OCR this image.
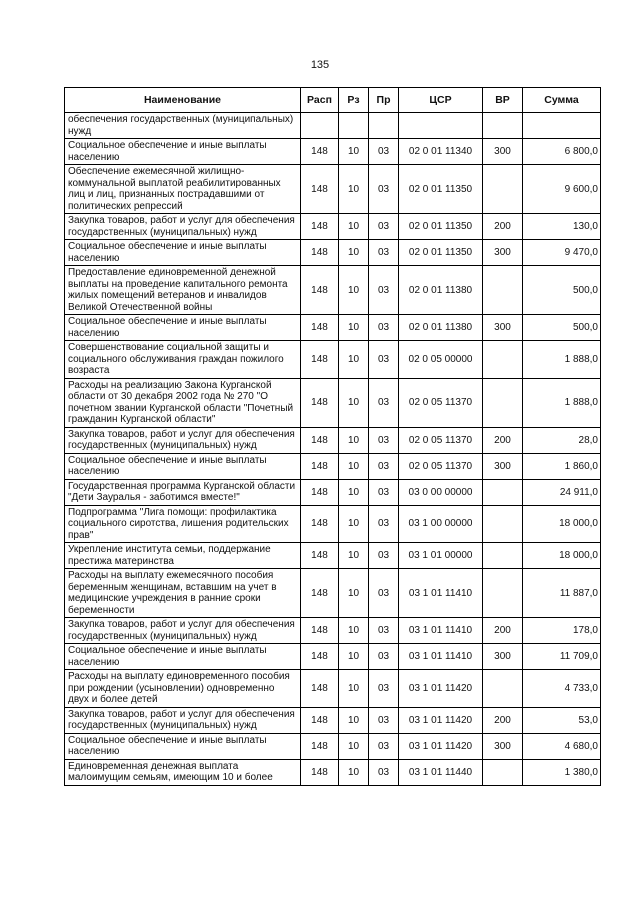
135
Наименование	Расп	Рз	Пр	ЦСР	ВР	Сумма
обеспечения государственных (муниципальных) нужд						
Социальное обеспечение и иные выплаты населению	148	10	03	02 0 01 11340	300	6 800,0
Обеспечение ежемесячной жилищно-коммунальной выплатой реабилитированных лиц и лиц, признанных пострадавшими от политических репрессий	148	10	03	02 0 01 11350		9 600,0
Закупка товаров, работ и услуг для обеспечения государственных (муниципальных) нужд	148	10	03	02 0 01 11350	200	130,0
Социальное обеспечение и иные выплаты населению	148	10	03	02 0 01 11350	300	9 470,0
Предоставление единовременной денежной выплаты на проведение капитального ремонта жилых помещений ветеранов и инвалидов Великой Отечественной войны	148	10	03	02 0 01 11380		500,0
Социальное обеспечение и иные выплаты населению	148	10	03	02 0 01 11380	300	500,0
Совершенствование социальной защиты и социального обслуживания граждан пожилого возраста	148	10	03	02 0 05 00000		1 888,0
Расходы на реализацию Закона Курганской области от 30 декабря 2002 года № 270 "О почетном звании Курганской области "Почетный гражданин Курганской области"	148	10	03	02 0 05 11370		1 888,0
Закупка товаров, работ и услуг для обеспечения государственных (муниципальных) нужд	148	10	03	02 0 05 11370	200	28,0
Социальное обеспечение и иные выплаты населению	148	10	03	02 0 05 11370	300	1 860,0
Государственная программа Курганской области "Дети Зауралья - заботимся вместе!"	148	10	03	03 0 00 00000		24 911,0
Подпрограмма "Лига помощи: профилактика социального сиротства, лишения родительских прав"	148	10	03	03 1 00 00000		18 000,0
Укрепление института семьи, поддержание престижа материнства	148	10	03	03 1 01 00000		18 000,0
Расходы на выплату ежемесячного пособия беременным женщинам, вставшим на учет в медицинские учреждения в ранние сроки беременности	148	10	03	03 1 01 11410		11 887,0
Закупка товаров, работ и услуг для обеспечения государственных (муниципальных) нужд	148	10	03	03 1 01 11410	200	178,0
Социальное обеспечение и иные выплаты населению	148	10	03	03 1 01 11410	300	11 709,0
Расходы на выплату единовременного пособия при рождении (усыновлении) одновременно двух и более детей	148	10	03	03 1 01 11420		4 733,0
Закупка товаров, работ и услуг для обеспечения государственных (муниципальных) нужд	148	10	03	03 1 01 11420	200	53,0
Социальное обеспечение и иные выплаты населению	148	10	03	03 1 01 11420	300	4 680,0
Единовременная денежная выплата малоимущим семьям, имеющим 10 и более	148	10	03	03 1 01 11440		1 380,0
